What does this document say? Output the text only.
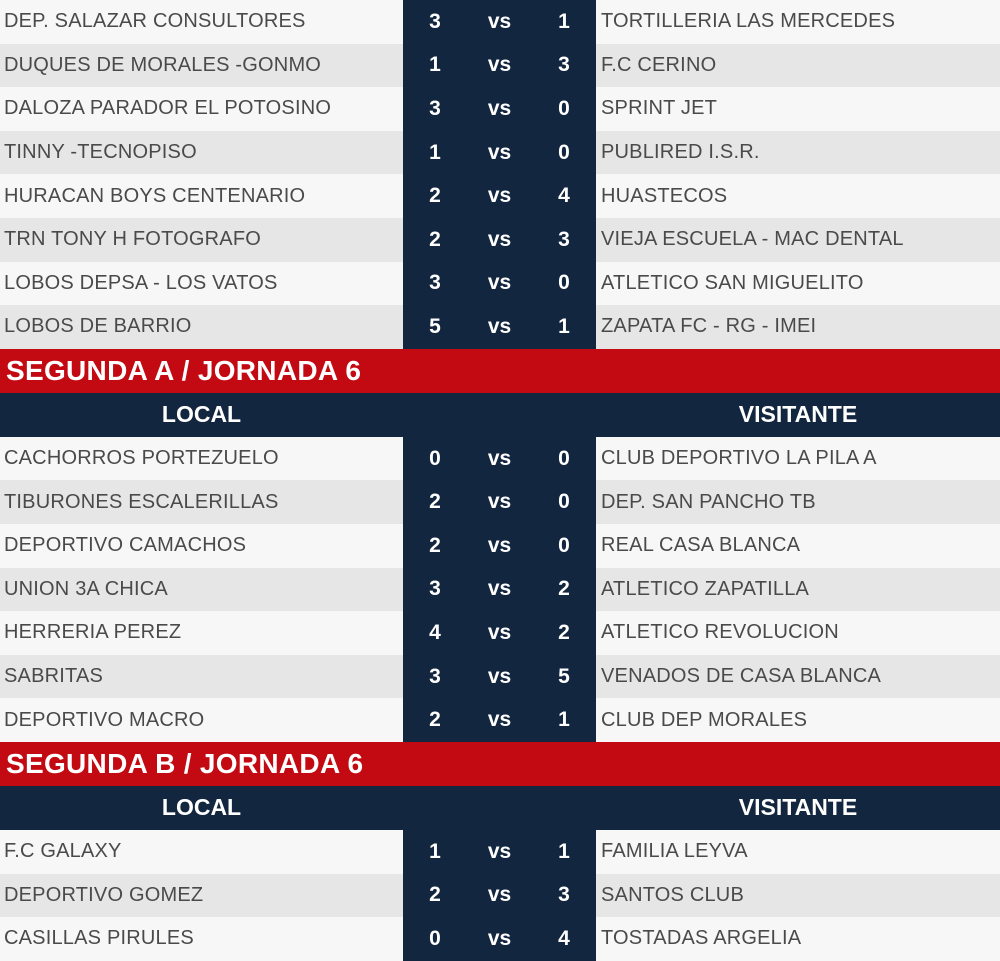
DEP. SALAZAR CONSULTORES	3	vs	1	TORTILLERIA LAS MERCEDES
DUQUES DE MORALES -GONMO	1	vs	3	F.C CERINO
DALOZA PARADOR EL POTOSINO	3	vs	0	SPRINT JET
TINNY -TECNOPISO	1	vs	0	PUBLIRED I.S.R.
HURACAN BOYS CENTENARIO	2	vs	4	HUASTECOS
TRN TONY H FOTOGRAFO	2	vs	3	VIEJA ESCUELA - MAC DENTAL
LOBOS DEPSA - LOS VATOS	3	vs	0	ATLETICO SAN MIGUELITO
LOBOS DE BARRIO	5	vs	1	ZAPATA FC - RG - IMEI
SEGUNDA A / JORNADA 6
LOCAL	VISITANTE
CACHORROS PORTEZUELO	0	vs	0	CLUB DEPORTIVO LA PILA A
TIBURONES ESCALERILLAS	2	vs	0	DEP. SAN PANCHO TB
DEPORTIVO CAMACHOS	2	vs	0	REAL CASA BLANCA
UNION 3A CHICA	3	vs	2	ATLETICO ZAPATILLA
HERRERIA PEREZ	4	vs	2	ATLETICO REVOLUCION
SABRITAS	3	vs	5	VENADOS DE CASA BLANCA
DEPORTIVO MACRO	2	vs	1	CLUB DEP MORALES
SEGUNDA B / JORNADA 6
LOCAL	VISITANTE
F.C GALAXY	1	vs	1	FAMILIA LEYVA
DEPORTIVO GOMEZ	2	vs	3	SANTOS CLUB
CASILLAS PIRULES	0	vs	4	TOSTADAS ARGELIA
